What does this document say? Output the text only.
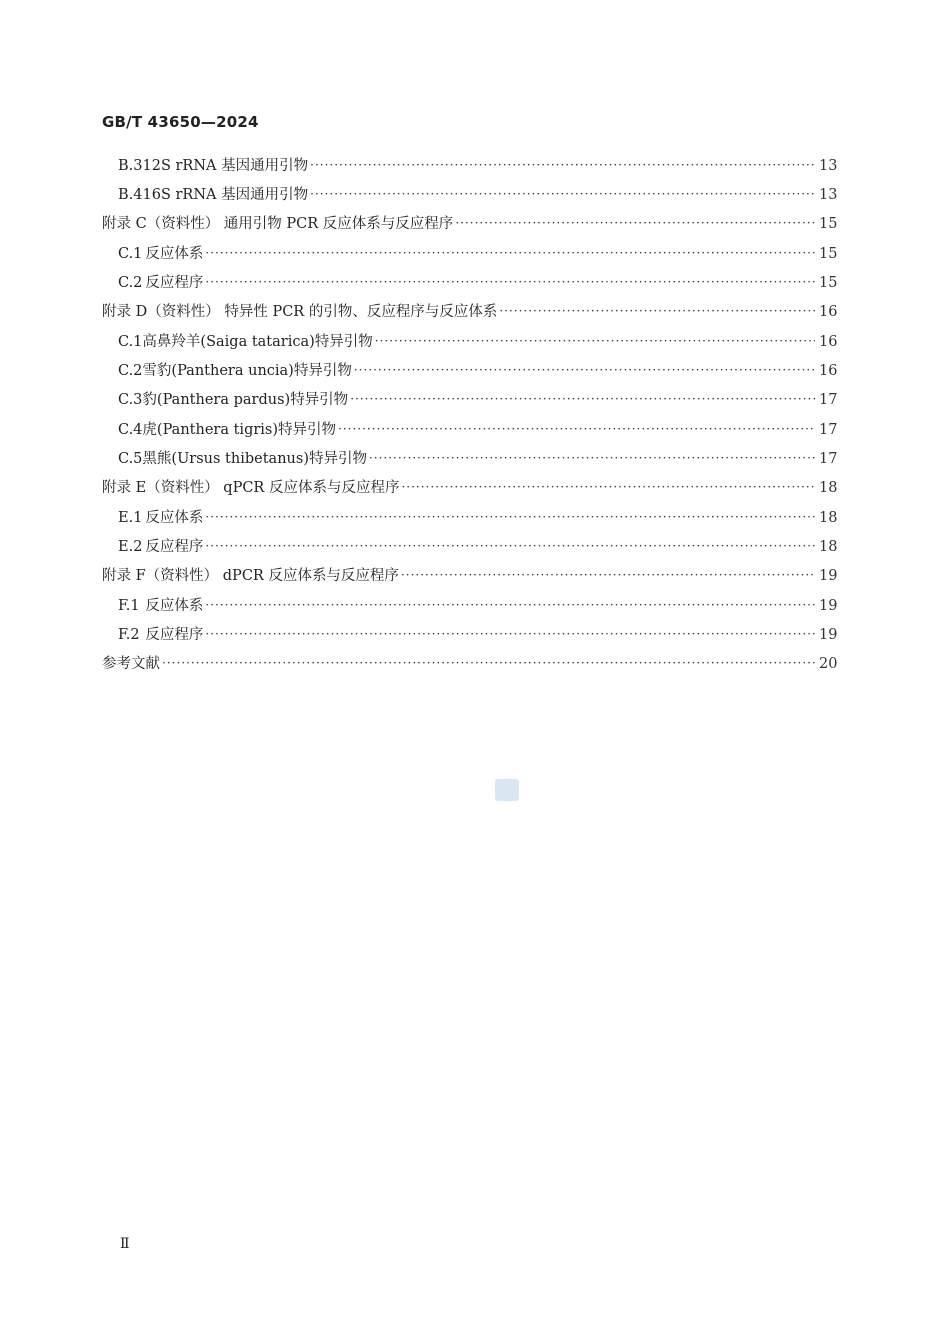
GB/T 43650—2024
B.3 12S rRNA 基因通用引物 ·····	13
B.4 16S rRNA 基因通用引物 ·····	13
附录 C（资料性） 通用引物 PCR 反应体系与反应程序 ·····	15
C.1 反应体系 ·····	15
C.2 反应程序 ·····	15
附录 D（资料性） 特异性 PCR 的引物、反应程序与反应体系 ·····	16
C.1 高鼻羚羊(Saiga tatarica)特异引物 ·····	16
C.2 雪豹(Panthera uncia)特异引物 ·····	16
C.3 豹(Panthera pardus)特异引物 ·····	17
C.4 虎(Panthera tigris)特异引物 ·····	17
C.5 黑熊(Ursus thibetanus)特异引物 ·····	17
附录 E（资料性） qPCR 反应体系与反应程序 ·····	18
E.1 反应体系 ·····	18
E.2 反应程序 ·····	18
附录 F（资料性） dPCR 反应体系与反应程序 ·····	19
F.1 反应体系 ·····	19
F.2 反应程序 ·····	19
参考文献 ·····	20
Ⅱ
